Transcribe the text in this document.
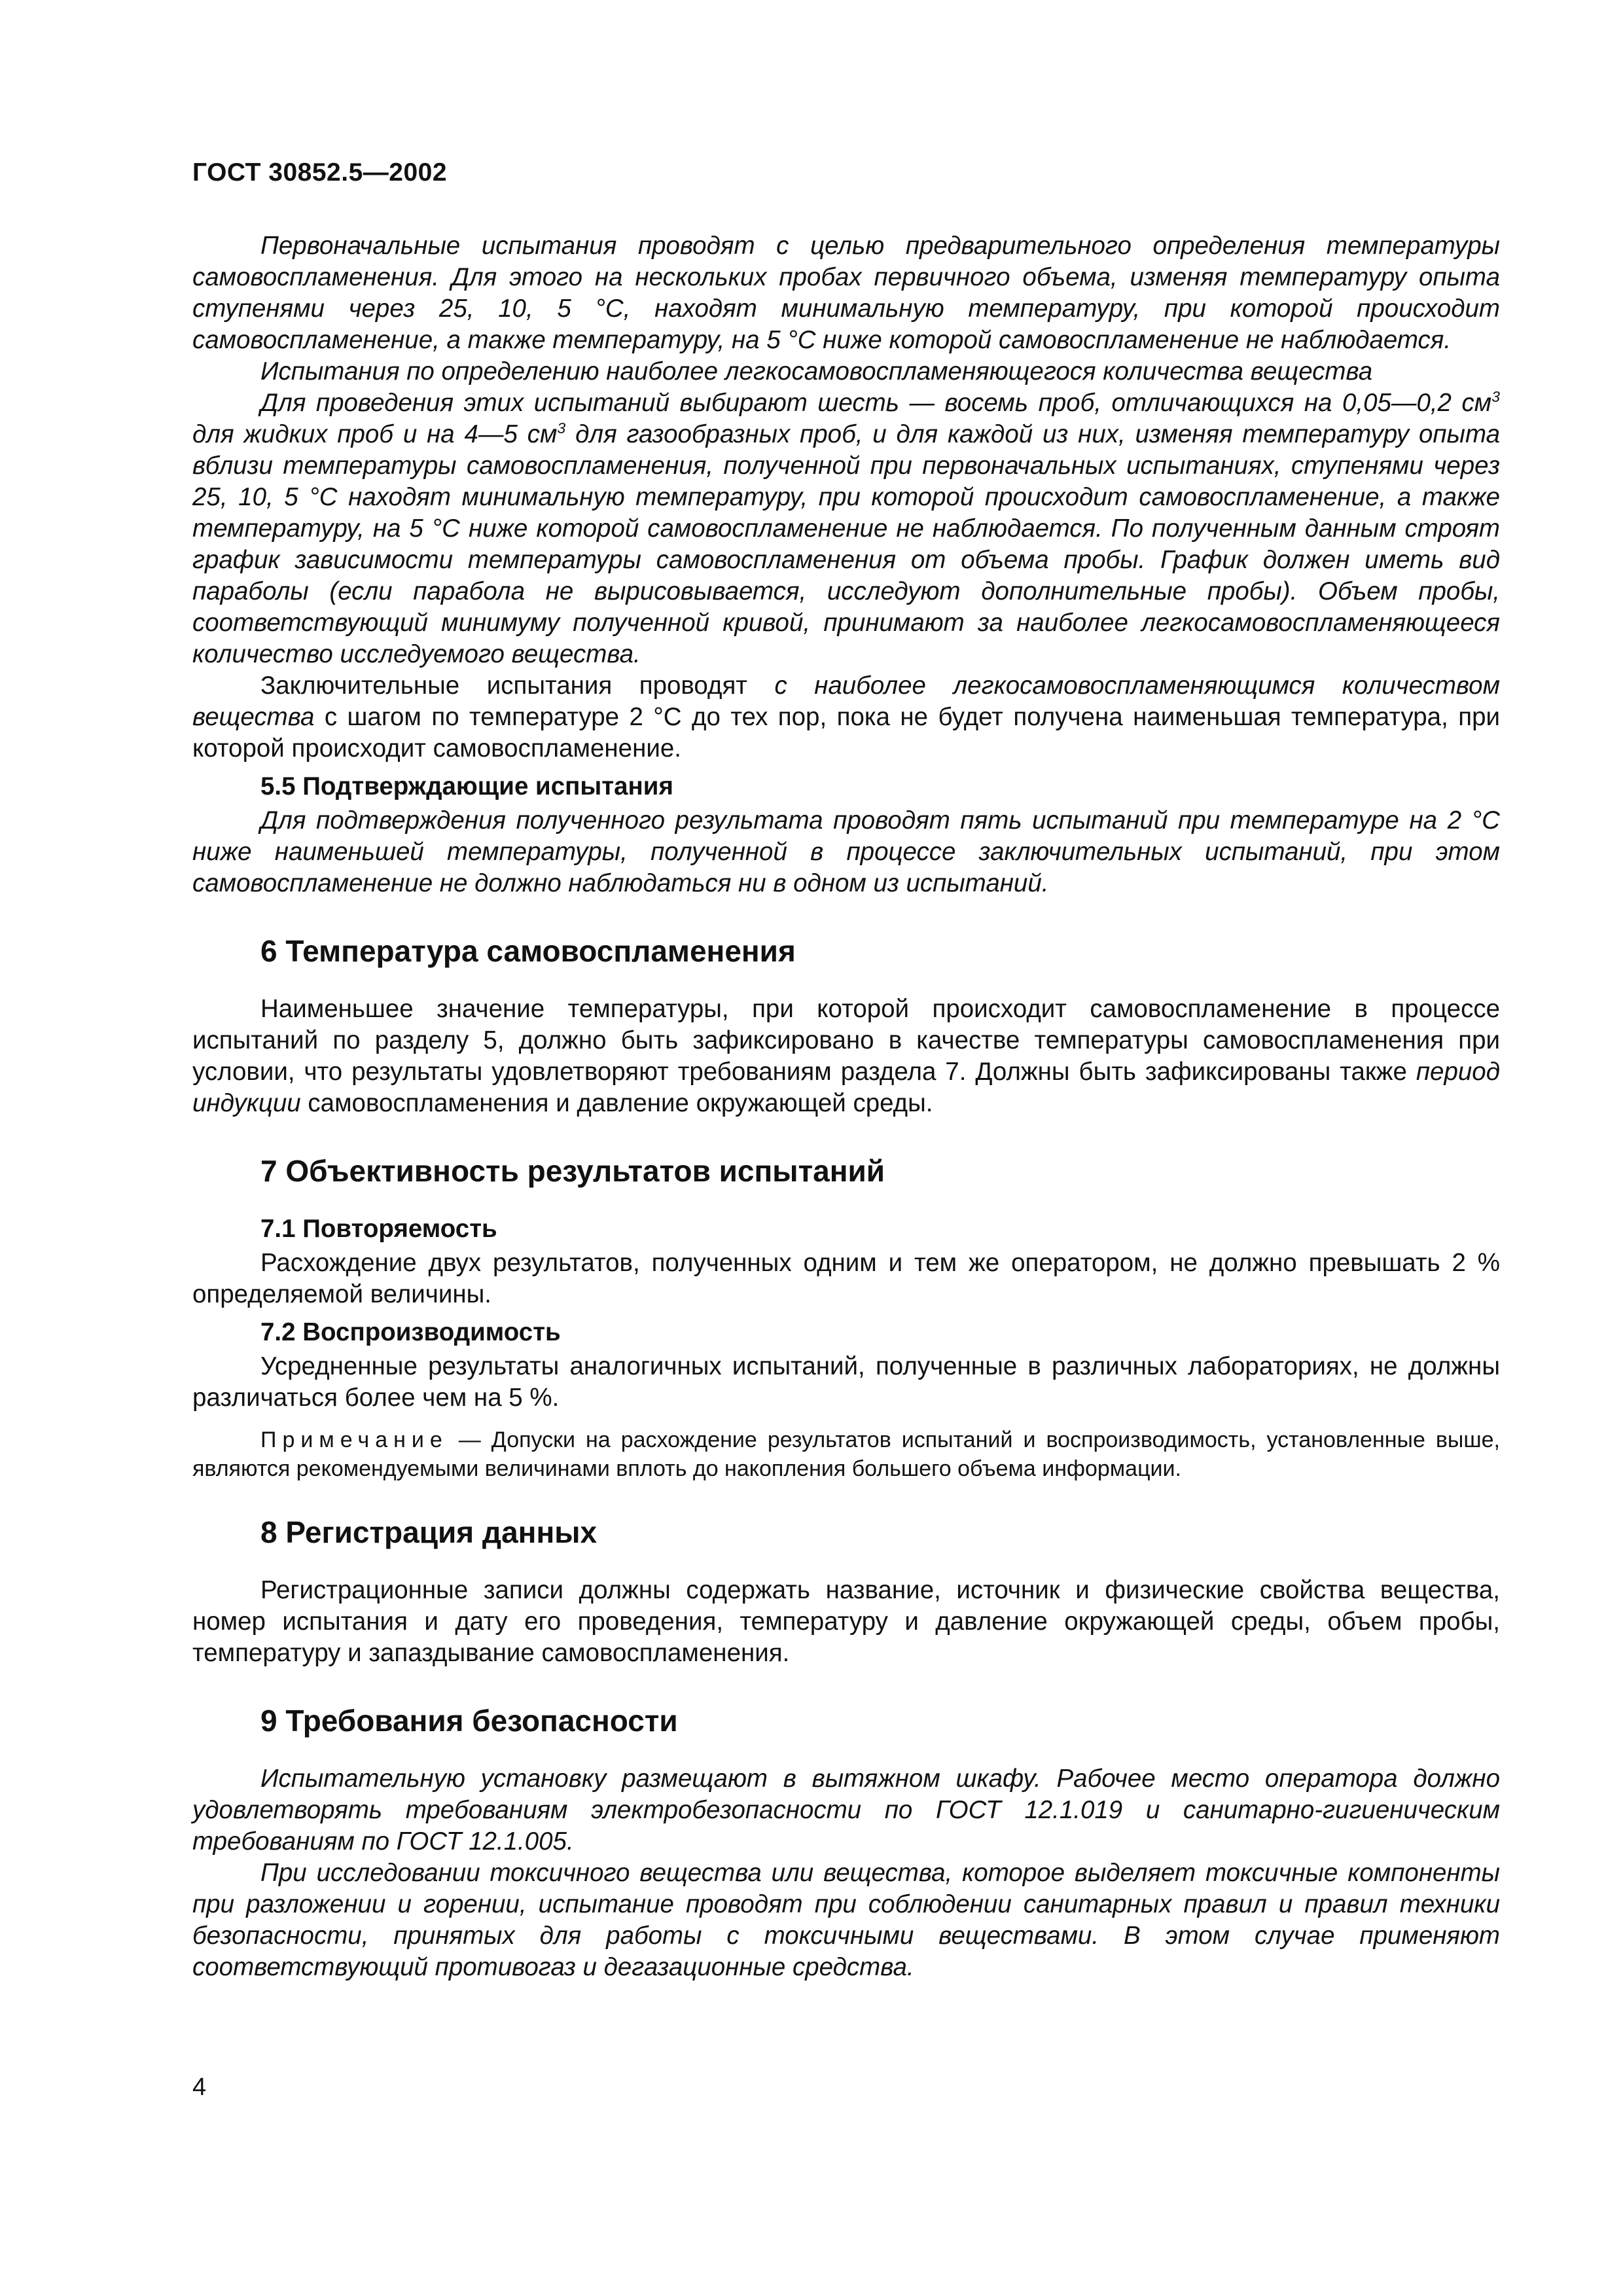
ГОСТ 30852.5—2002

Первоначальные испытания проводят с целью предварительного определения температуры самовоспламенения. Для этого на нескольких пробах первичного объема, изменяя температуру опыта ступенями через 25, 10, 5 °С, находят минимальную температуру, при которой происходит самовоспламенение, а также температуру, на 5 °С ниже которой самовоспламенение не наблюдается.

Испытания по определению наиболее легкосамовоспламеняющегося количества вещества

Для проведения этих испытаний выбирают шесть — восемь проб, отличающихся на 0,05—0,2 $см^3$ для жидких проб и на 4—5 $см^3$ для газообразных проб, и для каждой из них, изменяя температуру опыта вблизи температуры самовоспламенения, полученной при первоначальных испытаниях, ступенями через 25, 10, 5 °С находят минимальную температуру, при которой происходит самовоспламенение, а также температуру, на 5 °С ниже которой самовоспламенение не наблюдается. По полученным данным строят график зависимости температуры самовоспламенения от объема пробы. График должен иметь вид параболы (если парабола не вырисовывается, исследуют дополнительные пробы). Объем пробы, соответствующий минимуму полученной кривой, принимают за наиболее легкосамовоспламеняющееся количество исследуемого вещества.

Заключительные испытания проводят с наиболее легкосамовоспламеняющимся количеством вещества с шагом по температуре 2 °С до тех пор, пока не будет получена наименьшая температура, при которой происходит самовоспламенение.

5.5 Подтверждающие испытания

Для подтверждения полученного результата проводят пять испытаний при температуре на 2 °С ниже наименьшей температуры, полученной в процессе заключительных испытаний, при этом самовоспламенение не должно наблюдаться ни в одном из испытаний.

6 Температура самовоспламенения

Наименьшее значение температуры, при которой происходит самовоспламенение в процессе испытаний по разделу 5, должно быть зафиксировано в качестве температуры самовоспламенения при условии, что результаты удовлетворяют требованиям раздела 7. Должны быть зафиксированы также период индукции самовоспламенения и давление окружающей среды.

7 Объективность результатов испытаний
7.1 Повторяемость

Расхождение двух результатов, полученных одним и тем же оператором, не должно превышать 2 % определяемой величины.

7.2 Воспроизводимость

Усредненные результаты аналогичных испытаний, полученные в различных лабораториях, не должны различаться более чем на 5 %.

Примечание — Допуски на расхождение результатов испытаний и воспроизводимость, установленные выше, являются рекомендуемыми величинами вплоть до накопления большего объема информации.

8 Регистрация данных

Регистрационные записи должны содержать название, источник и физические свойства вещества, номер испытания и дату его проведения, температуру и давление окружающей среды, объем пробы, температуру и запаздывание самовоспламенения.

9 Требования безопасности

Испытательную установку размещают в вытяжном шкафу. Рабочее место оператора должно удовлетворять требованиям электробезопасности по ГОСТ 12.1.019 и санитарно-гигиеническим требованиям по ГОСТ 12.1.005.

При исследовании токсичного вещества или вещества, которое выделяет токсичные компоненты при разложении и горении, испытание проводят при соблюдении санитарных правил и правил техники безопасности, принятых для работы с токсичными веществами. В этом случае применяют соответствующий противогаз и дегазационные средства.

4
